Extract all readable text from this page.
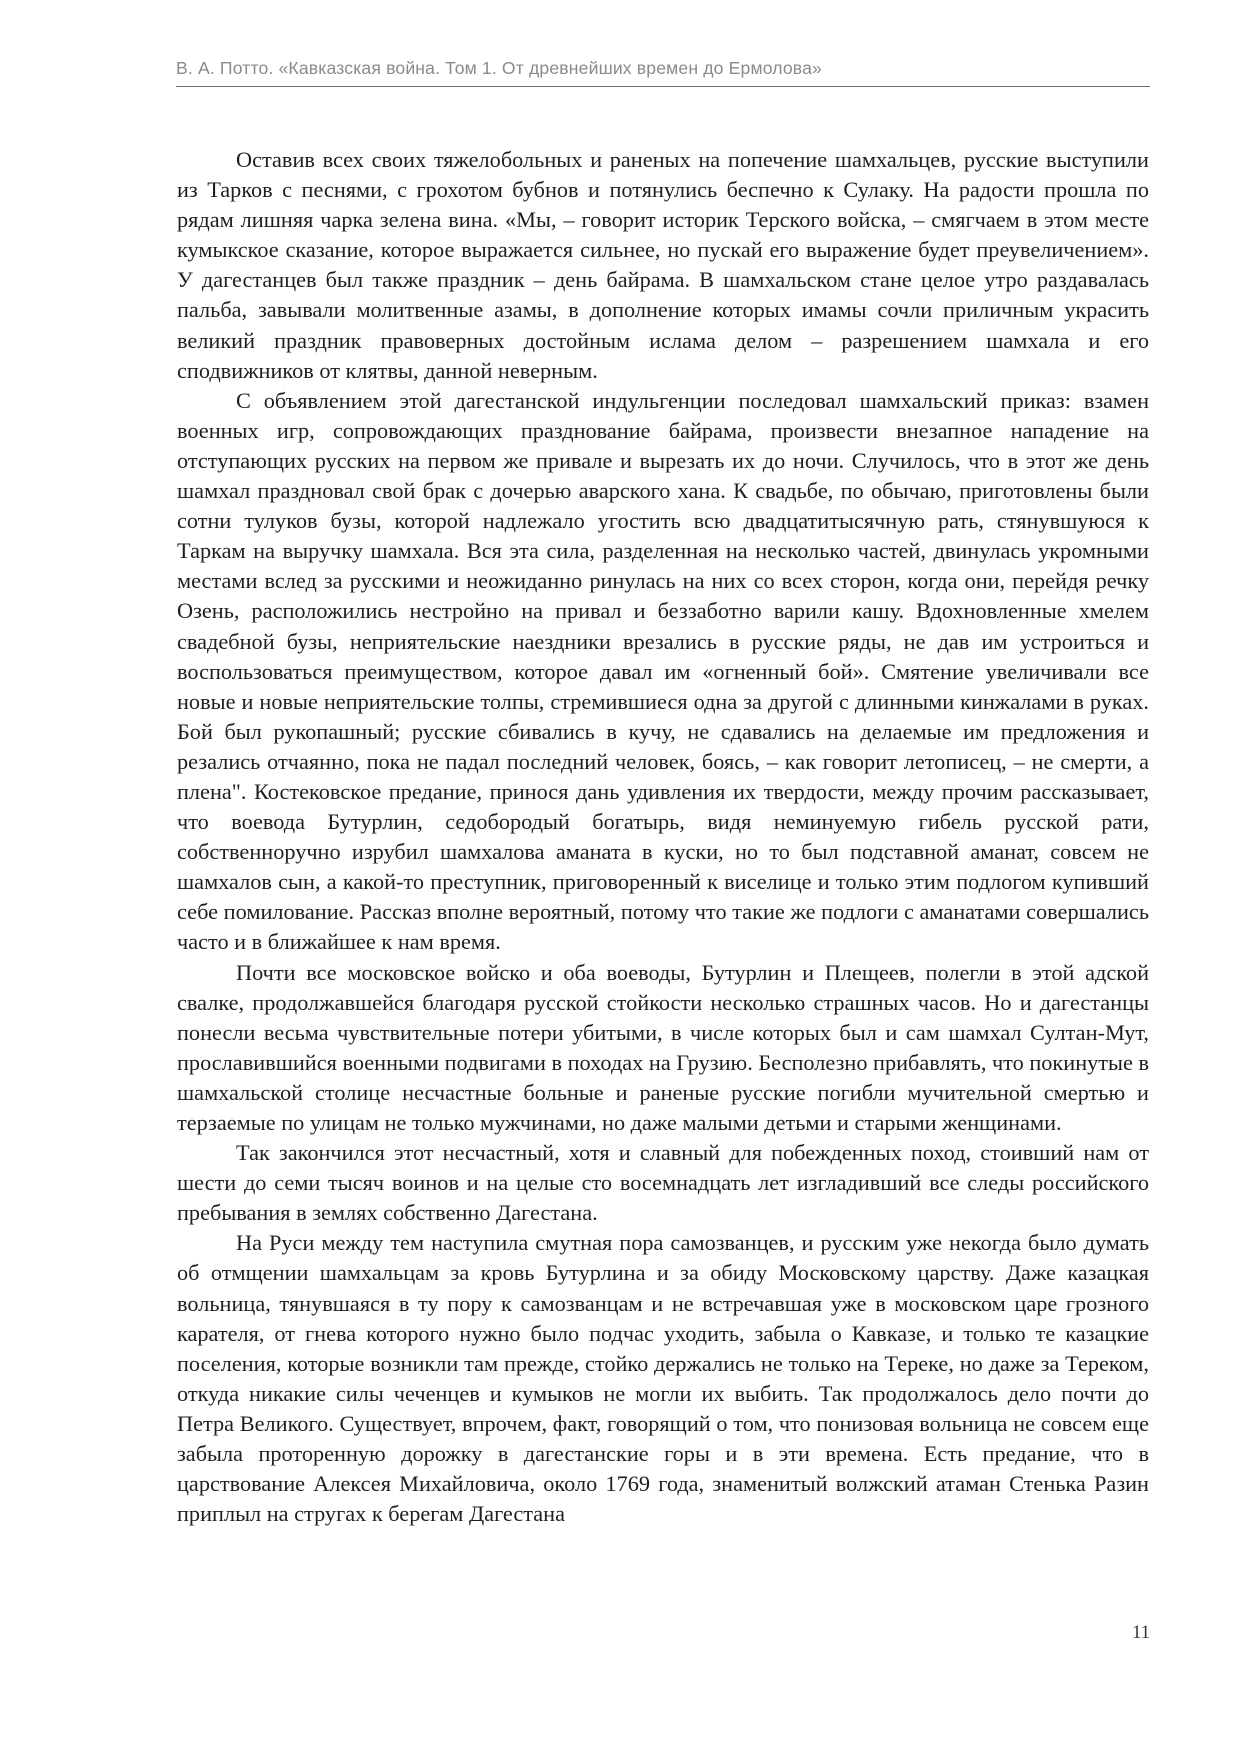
В. А. Потто. «Кавказская война. Том 1. От древнейших времен до Ермолова»

Оставив всех своих тяжелобольных и раненых на попечение шамхальцев, русские выступили из Тарков с песнями, с грохотом бубнов и потянулись беспечно к Сулаку. На радости прошла по рядам лишняя чарка зелена вина. «Мы, – говорит историк Терского войска, – смягчаем в этом месте кумыкское сказание, которое выражается сильнее, но пускай его выражение будет преувеличением». У дагестанцев был также праздник – день байрама. В шамхальском стане целое утро раздавалась пальба, завывали молитвенные азамы, в дополнение которых имамы сочли приличным украсить великий праздник правоверных достойным ислама делом – разрешением шамхала и его сподвижников от клятвы, данной неверным.

С объявлением этой дагестанской индульгенции последовал шамхальский приказ: взамен военных игр, сопровождающих празднование байрама, произвести внезапное нападение на отступающих русских на первом же привале и вырезать их до ночи. Случилось, что в этот же день шамхал праздновал свой брак с дочерью аварского хана. К свадьбе, по обычаю, приготовлены были сотни тулуков бузы, которой надлежало угостить всю двадцатитысячную рать, стянувшуюся к Таркам на выручку шамхала. Вся эта сила, разделенная на несколько частей, двинулась укромными местами вслед за русскими и неожиданно ринулась на них со всех сторон, когда они, перейдя речку Озень, расположились нестройно на привал и беззаботно варили кашу. Вдохновленные хмелем свадебной бузы, неприятельские наездники врезались в русские ряды, не дав им устроиться и воспользоваться преимуществом, которое давал им «огненный бой». Смятение увеличивали все новые и новые неприятельские толпы, стремившиеся одна за другой с длинными кинжалами в руках. Бой был рукопашный; русские сбивались в кучу, не сдавались на делаемые им предложения и резались отчаянно, пока не падал последний человек, боясь, – как говорит летописец, – не смерти, а плена". Костековское предание, принося дань удивления их твердости, между прочим рассказывает, что воевода Бутурлин, седобородый богатырь, видя неминуемую гибель русской рати, собственноручно изрубил шамхалова аманата в куски, но то был подставной аманат, совсем не шамхалов сын, а какой-то преступник, приговоренный к виселице и только этим подлогом купивший себе помилование. Рассказ вполне вероятный, потому что такие же подлоги с аманатами совершались часто и в ближайшее к нам время.

Почти все московское войско и оба воеводы, Бутурлин и Плещеев, полегли в этой адской свалке, продолжавшейся благодаря русской стойкости несколько страшных часов. Но и дагестанцы понесли весьма чувствительные потери убитыми, в числе которых был и сам шамхал Султан-Мут, прославившийся военными подвигами в походах на Грузию. Бесполезно прибавлять, что покинутые в шамхальской столице несчастные больные и раненые русские погибли мучительной смертью и терзаемые по улицам не только мужчинами, но даже малыми детьми и старыми женщинами.

Так закончился этот несчастный, хотя и славный для побежденных поход, стоивший нам от шести до семи тысяч воинов и на целые сто восемнадцать лет изгладивший все следы российского пребывания в землях собственно Дагестана.

На Руси между тем наступила смутная пора самозванцев, и русским уже некогда было думать об отмщении шамхальцам за кровь Бутурлина и за обиду Московскому царству. Даже казацкая вольница, тянувшаяся в ту пору к самозванцам и не встречавшая уже в московском царе грозного карателя, от гнева которого нужно было подчас уходить, забыла о Кавказе, и только те казацкие поселения, которые возникли там прежде, стойко держались не только на Тереке, но даже за Тереком, откуда никакие силы чеченцев и кумыков не могли их выбить. Так продолжалось дело почти до Петра Великого. Существует, впрочем, факт, говорящий о том, что понизовая вольница не совсем еще забыла проторенную дорожку в дагестанские горы и в эти времена. Есть предание, что в царствование Алексея Михайловича, около 1769 года, знаменитый волжский атаман Стенька Разин приплыл на стругах к берегам Дагестана

11
